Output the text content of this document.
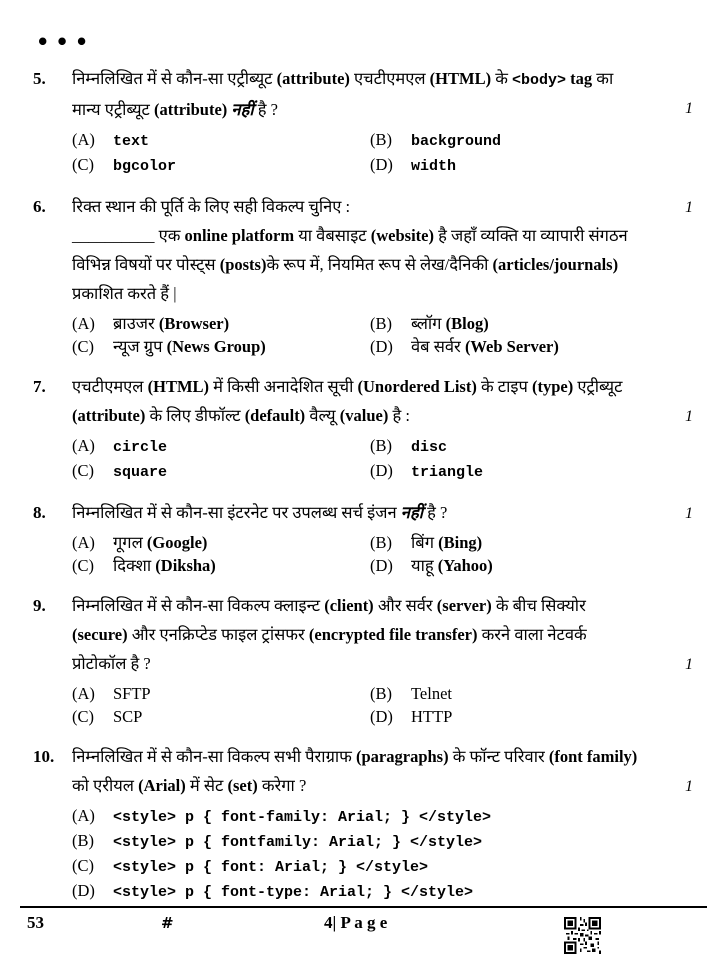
•••
5.	निम्नलिखित में से कौन-सा एट्रीब्यूट (attribute) एचटीएमएल (HTML) के <body> tag का
मान्य एट्रीब्यूट (attribute) नहीं है ?
(A)	text	(B)	background
(C)	bgcolor	(D)	width
1
6.	रिक्त स्थान की पूर्ति के लिए सही विकल्प चुनिए :
__________ एक online platform या वैबसाइट (website) है जहाँ व्यक्ति या व्यापारी संगठन
विभिन्न विषयों पर पोस्ट्स (posts)के रूप में, नियमित रूप से लेख/दैनिकी (articles/journals)
प्रकाशित करते हैं |
(A)	ब्राउजर (Browser)	(B)	ब्लॉग (Blog)
(C)	न्यूज ग्रुप (News Group)	(D)	वेब सर्वर (Web Server)
1
7.	एचटीएमएल (HTML) में किसी अनादेशित सूची (Unordered List) के टाइप (type) एट्रीब्यूट
(attribute) के लिए डीफॉल्ट (default) वैल्यू (value) है :
(A)	circle	(B)	disc
(C)	square	(D)	triangle
1
8.	निम्नलिखित में से कौन-सा इंटरनेट पर उपलब्ध सर्च इंजन नहीं है ?
(A)	गूगल (Google)	(B)	बिंग (Bing)
(C)	दिक्शा (Diksha)	(D)	याहू (Yahoo)
1
9.	निम्नलिखित में से कौन-सा विकल्प क्लाइन्ट (client) और सर्वर (server) के बीच सिक्योर
(secure) और एनक्रिप्टेड फाइल ट्रांसफर (encrypted file transfer) करने वाला नेटवर्क
प्रोटोकॉल है ?
(A)	SFTP	(B)	Telnet
(C)	SCP	(D)	HTTP
1
10.	निम्नलिखित में से कौन-सा विकल्प सभी पैराग्राफ (paragraphs) के फॉन्ट परिवार (font family)
को एरीयल (Arial) में सेट (set) करेगा ?
(A)	<style> p { font-family: Arial; } </style>
(B)	<style> p { fontfamily: Arial; } </style>
(C)	<style> p { font: Arial; } </style>
(D)	<style> p { font-type: Arial; } </style>
1
53	#	4| P a g e
